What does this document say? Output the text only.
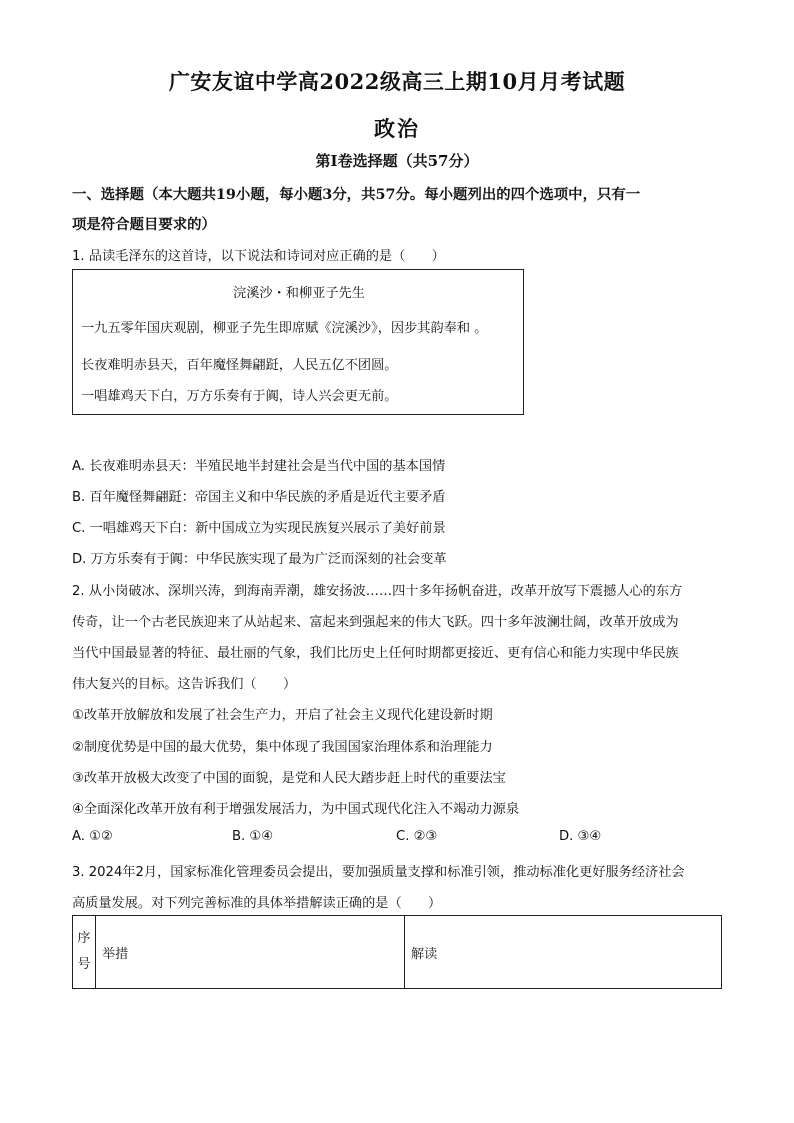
广安友谊中学高2022级高三上期10月月考试题
政治
第Ⅰ卷选择题（共57分）
一、选择题（本大题共19小题，每小题3分，共57分。每小题列出的四个选项中，只有一
项是符合题目要求的）
1. 品读毛泽东的这首诗，以下说法和诗词对应正确的是（　　）
浣溪沙・和柳亚子先生
一九五零年国庆观剧，柳亚子先生即席赋《浣溪沙》，因步其韵奉和 。
长夜难明赤县天，百年魔怪舞翩跹，人民五亿不团圆。
一唱雄鸡天下白，万方乐奏有于阗，诗人兴会更无前。
A. 长夜难明赤县天：半殖民地半封建社会是当代中国的基本国情
B. 百年魔怪舞翩跹：帝国主义和中华民族的矛盾是近代主要矛盾
C. 一唱雄鸡天下白：新中国成立为实现民族复兴展示了美好前景
D. 万方乐奏有于阗：中华民族实现了最为广泛而深刻的社会变革
2. 从小岗破冰、深圳兴涛，到海南弄潮，雄安扬波……四十多年扬帆奋进，改革开放写下震撼人心的东方
传奇，让一个古老民族迎来了从站起来、富起来到强起来的伟大飞跃。四十多年波澜壮阔，改革开放成为
当代中国最显著的特征、最壮丽的气象，我们比历史上任何时期都更接近、更有信心和能力实现中华民族
伟大复兴的目标。这告诉我们（　　）
①改革开放解放和发展了社会生产力，开启了社会主义现代化建设新时期
②制度优势是中国的最大优势，集中体现了我国国家治理体系和治理能力
③改革开放极大改变了中国的面貌，是党和人民大踏步赶上时代的重要法宝
④全面深化改革开放有利于增强发展活力，为中国式现代化注入不竭动力源泉
A. ①②	B. ①④	C. ②③	D. ③④
3. 2024年2月，国家标准化管理委员会提出，要加强质量支撑和标准引领，推动标准化更好服务经济社会
高质量发展。对下列完善标准的具体举措解读正确的是（　　）
序号	举措	解读
